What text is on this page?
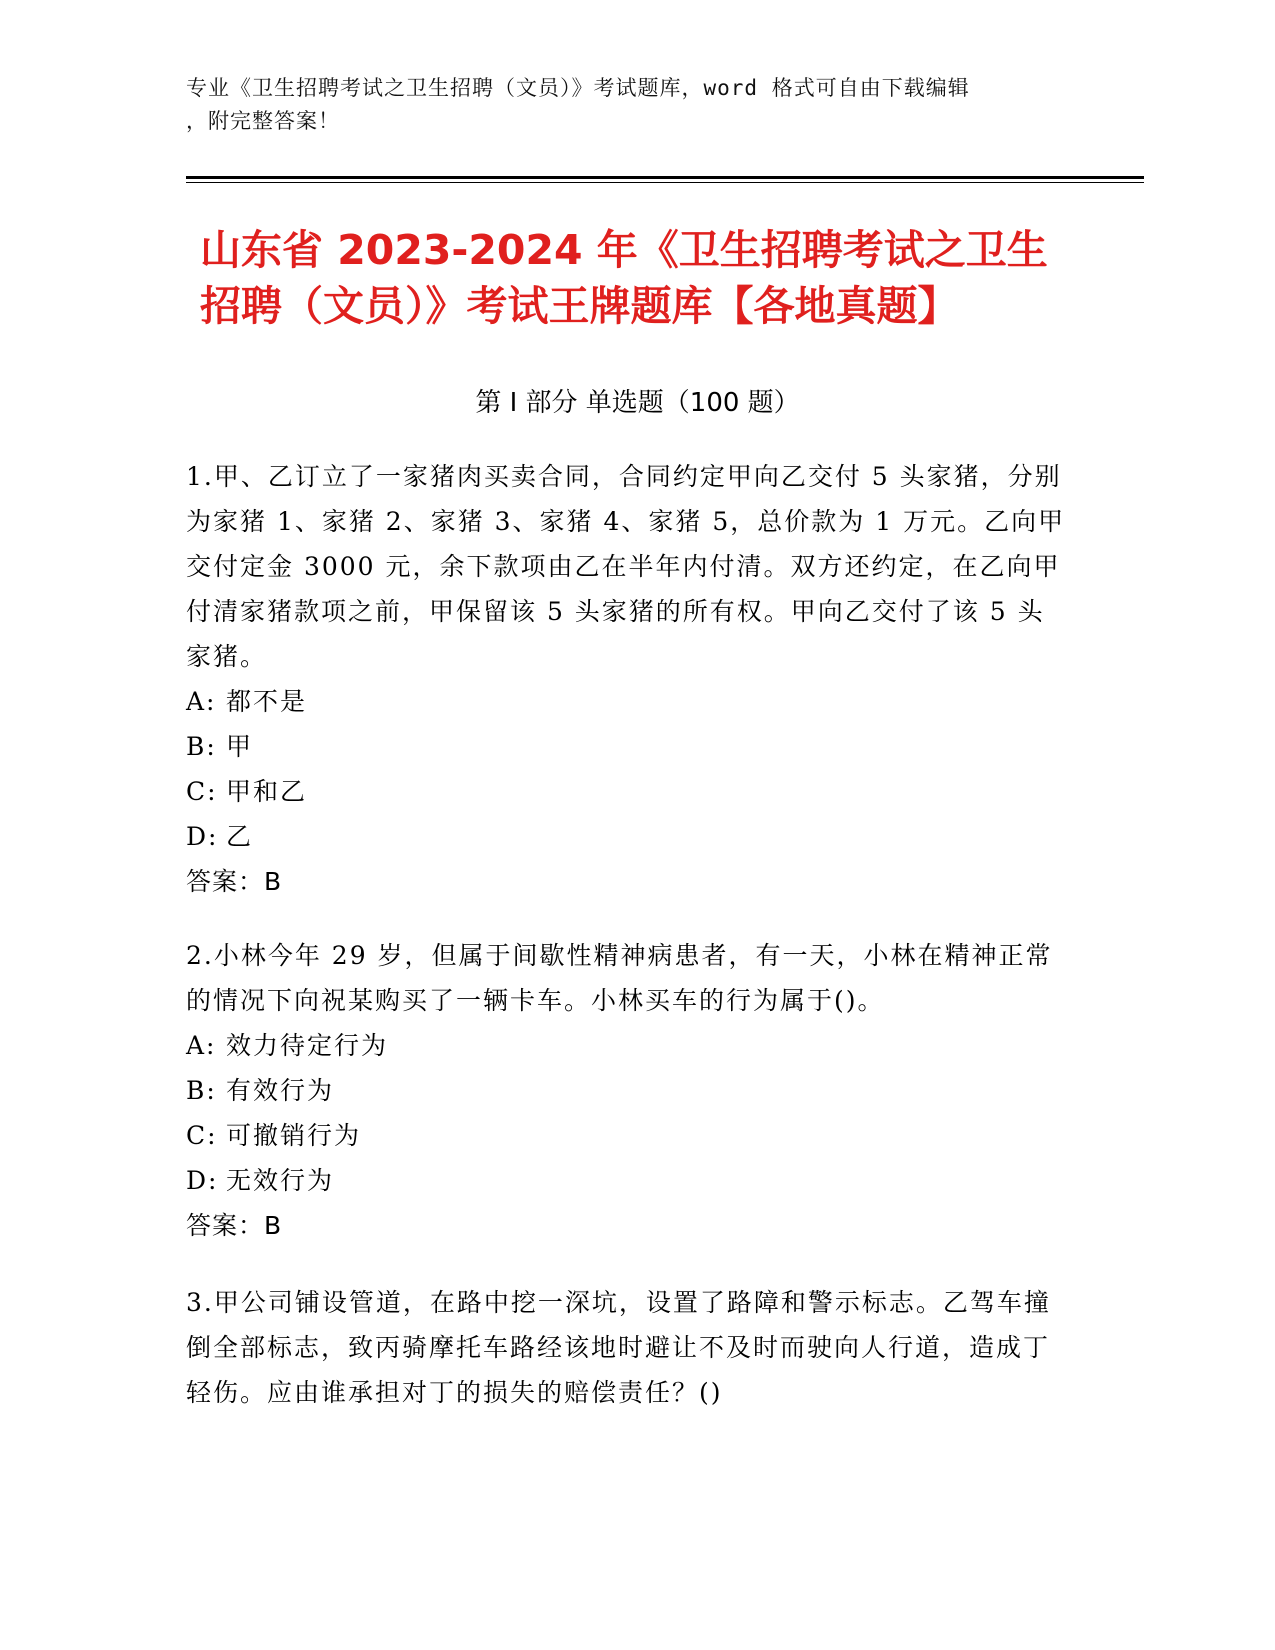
专业《卫生招聘考试之卫生招聘（文员）》考试题库，word 格式可自由下载编辑
，附完整答案！
山东省 2023-2024 年《卫生招聘考试之卫生
招聘（文员）》考试王牌题库【各地真题】
第 I 部分 单选题（100 题）

1.甲、乙订立了一家猪肉买卖合同，合同约定甲向乙交付 5 头家猪，分别为家猪 1、家猪 2、家猪 3、家猪 4、家猪 5，总价款为 1 万元。乙向甲交付定金 3000 元，余下款项由乙在半年内付清。双方还约定，在乙向甲付清家猪款项之前，甲保留该 5 头家猪的所有权。甲向乙交付了该 5 头家猪。

A: 都不是

B: 甲

C: 甲和乙

D: 乙

答案：B

2.小林今年 29 岁，但属于间歇性精神病患者，有一天，小林在精神正常的情况下向祝某购买了一辆卡车。小林买车的行为属于()。

A: 效力待定行为

B: 有效行为

C: 可撤销行为

D: 无效行为

答案：B

3.甲公司铺设管道，在路中挖一深坑，设置了路障和警示标志。乙驾车撞倒全部标志，致丙骑摩托车路经该地时避让不及时而驶向人行道，造成丁轻伤。应由谁承担对丁的损失的赔偿责任？()
